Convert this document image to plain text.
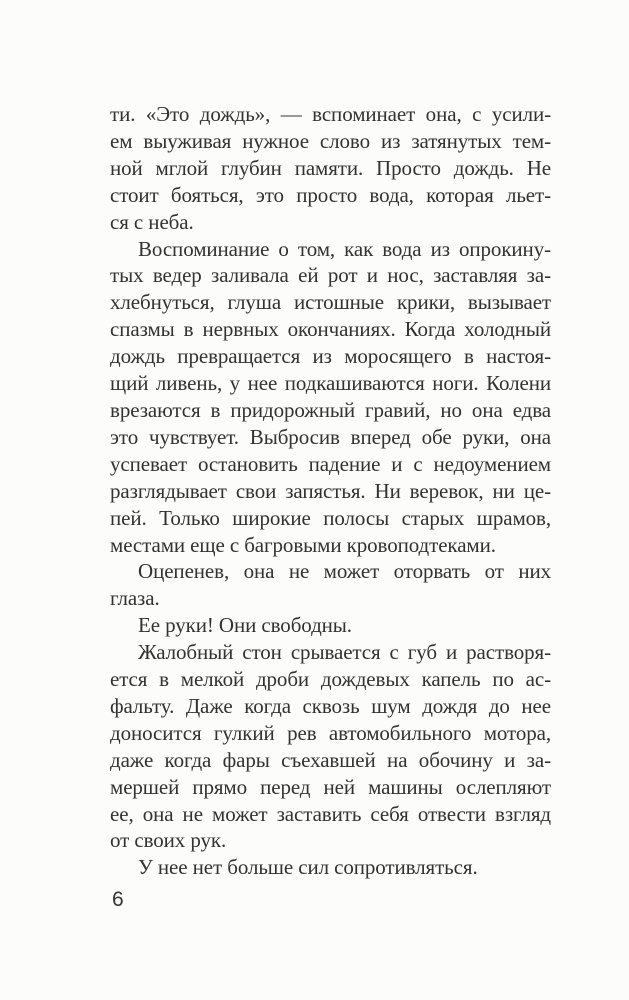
ти. «Это дождь», — вспоминает она, с усили-
ем выуживая нужное слово из затянутых тем-
ной мглой глубин памяти. Просто дождь. Не
стоит бояться, это просто вода, которая льет-
ся с неба.
Воспоминание о том, как вода из опрокину-
тых ведер заливала ей рот и нос, заставляя за-
хлебнуться, глуша истошные крики, вызывает
спазмы в нервных окончаниях. Когда холодный
дождь превращается из моросящего в настоя-
щий ливень, у нее подкашиваются ноги. Колени
врезаются в придорожный гравий, но она едва
это чувствует. Выбросив вперед обе руки, она
успевает остановить падение и с недоумением
разглядывает свои запястья. Ни веревок, ни це-
пей. Только широкие полосы старых шрамов,
местами еще с багровыми кровоподтеками.
Оцепенев, она не может оторвать от них
глаза.
Ее руки! Они свободны.
Жалобный стон срывается с губ и растворя-
ется в мелкой дроби дождевых капель по ас-
фальту. Даже когда сквозь шум дождя до нее
доносится гулкий рев автомобильного мотора,
даже когда фары съехавшей на обочину и за-
мершей прямо перед ней машины ослепляют
ее, она не может заставить себя отвести взгляд
от своих рук.
У нее нет больше сил сопротивляться.
6
